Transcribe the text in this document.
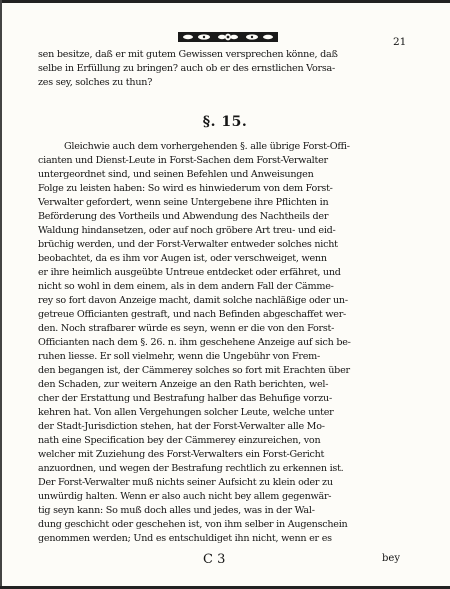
21

sen besitze, daß er mit gutem Gewissen versprechen könne, daß

selbe in Erfüllung zu bringen? auch ob er des ernstlichen Vorsa-

zes sey, solches zu thun?

§. 15.

Gleichwie auch dem vorhergehenden §. alle übrige Forst-Offi-

cianten und Dienst-Leute in Forst-Sachen dem Forst-Verwalter

untergeordnet sind, und seinen Befehlen und Anweisungen

Folge zu leisten haben: So wird es hinwiederum von dem Forst-

Verwalter gefordert, wenn seine Untergebene ihre Pflichten in

Beförderung des Vortheils und Abwendung des Nachtheils der

Waldung hindansetzen, oder auf noch gröbere Art treu- und eid-

brüchig werden, und der Forst-Verwalter entweder solches nicht

beobachtet, da es ihm vor Augen ist, oder verschweiget, wenn

er ihre heimlich ausgeübte Untreue entdecket oder erfähret, und

nicht so wohl in dem einem, als in dem andern Fall der Cämme-

rey so fort davon Anzeige macht, damit solche nachläßige oder un-

getreue Officianten gestraft, und nach Befinden abgeschaffet wer-

den. Noch strafbarer würde es seyn, wenn er die von den Forst-

Officianten nach dem §. 26. n. ihm geschehene Anzeige auf sich be-

ruhen liesse. Er soll vielmehr, wenn die Ungebühr von Frem-

den begangen ist, der Cämmerey solches so fort mit Erachten über

den Schaden, zur weitern Anzeige an den Rath berichten, wel-

cher der Erstattung und Bestrafung halber das Behufige vorzu-

kehren hat. Von allen Vergehungen solcher Leute, welche unter

der Stadt-Jurisdiction stehen, hat der Forst-Verwalter alle Mo-

nath eine Specification bey der Cämmerey einzureichen, von

welcher mit Zuziehung des Forst-Verwalters ein Forst-Gericht

anzuordnen, und wegen der Bestrafung rechtlich zu erkennen ist.

Der Forst-Verwalter muß nichts seiner Aufsicht zu klein oder zu

unwürdig halten. Wenn er also auch nicht bey allem gegenwär-

tig seyn kann: So muß doch alles und jedes, was in der Wal-

dung geschicht oder geschehen ist, von ihm selber in Augenschein

genommen werden; Und es entschuldiget ihn nicht, wenn er es

C 3	bey
